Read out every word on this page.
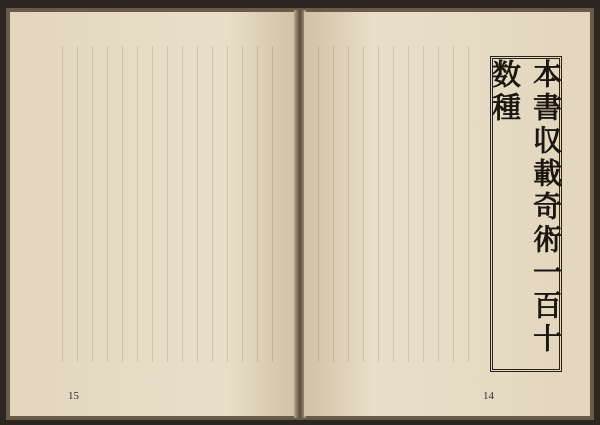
15
本書収載奇術一百十数種
14
